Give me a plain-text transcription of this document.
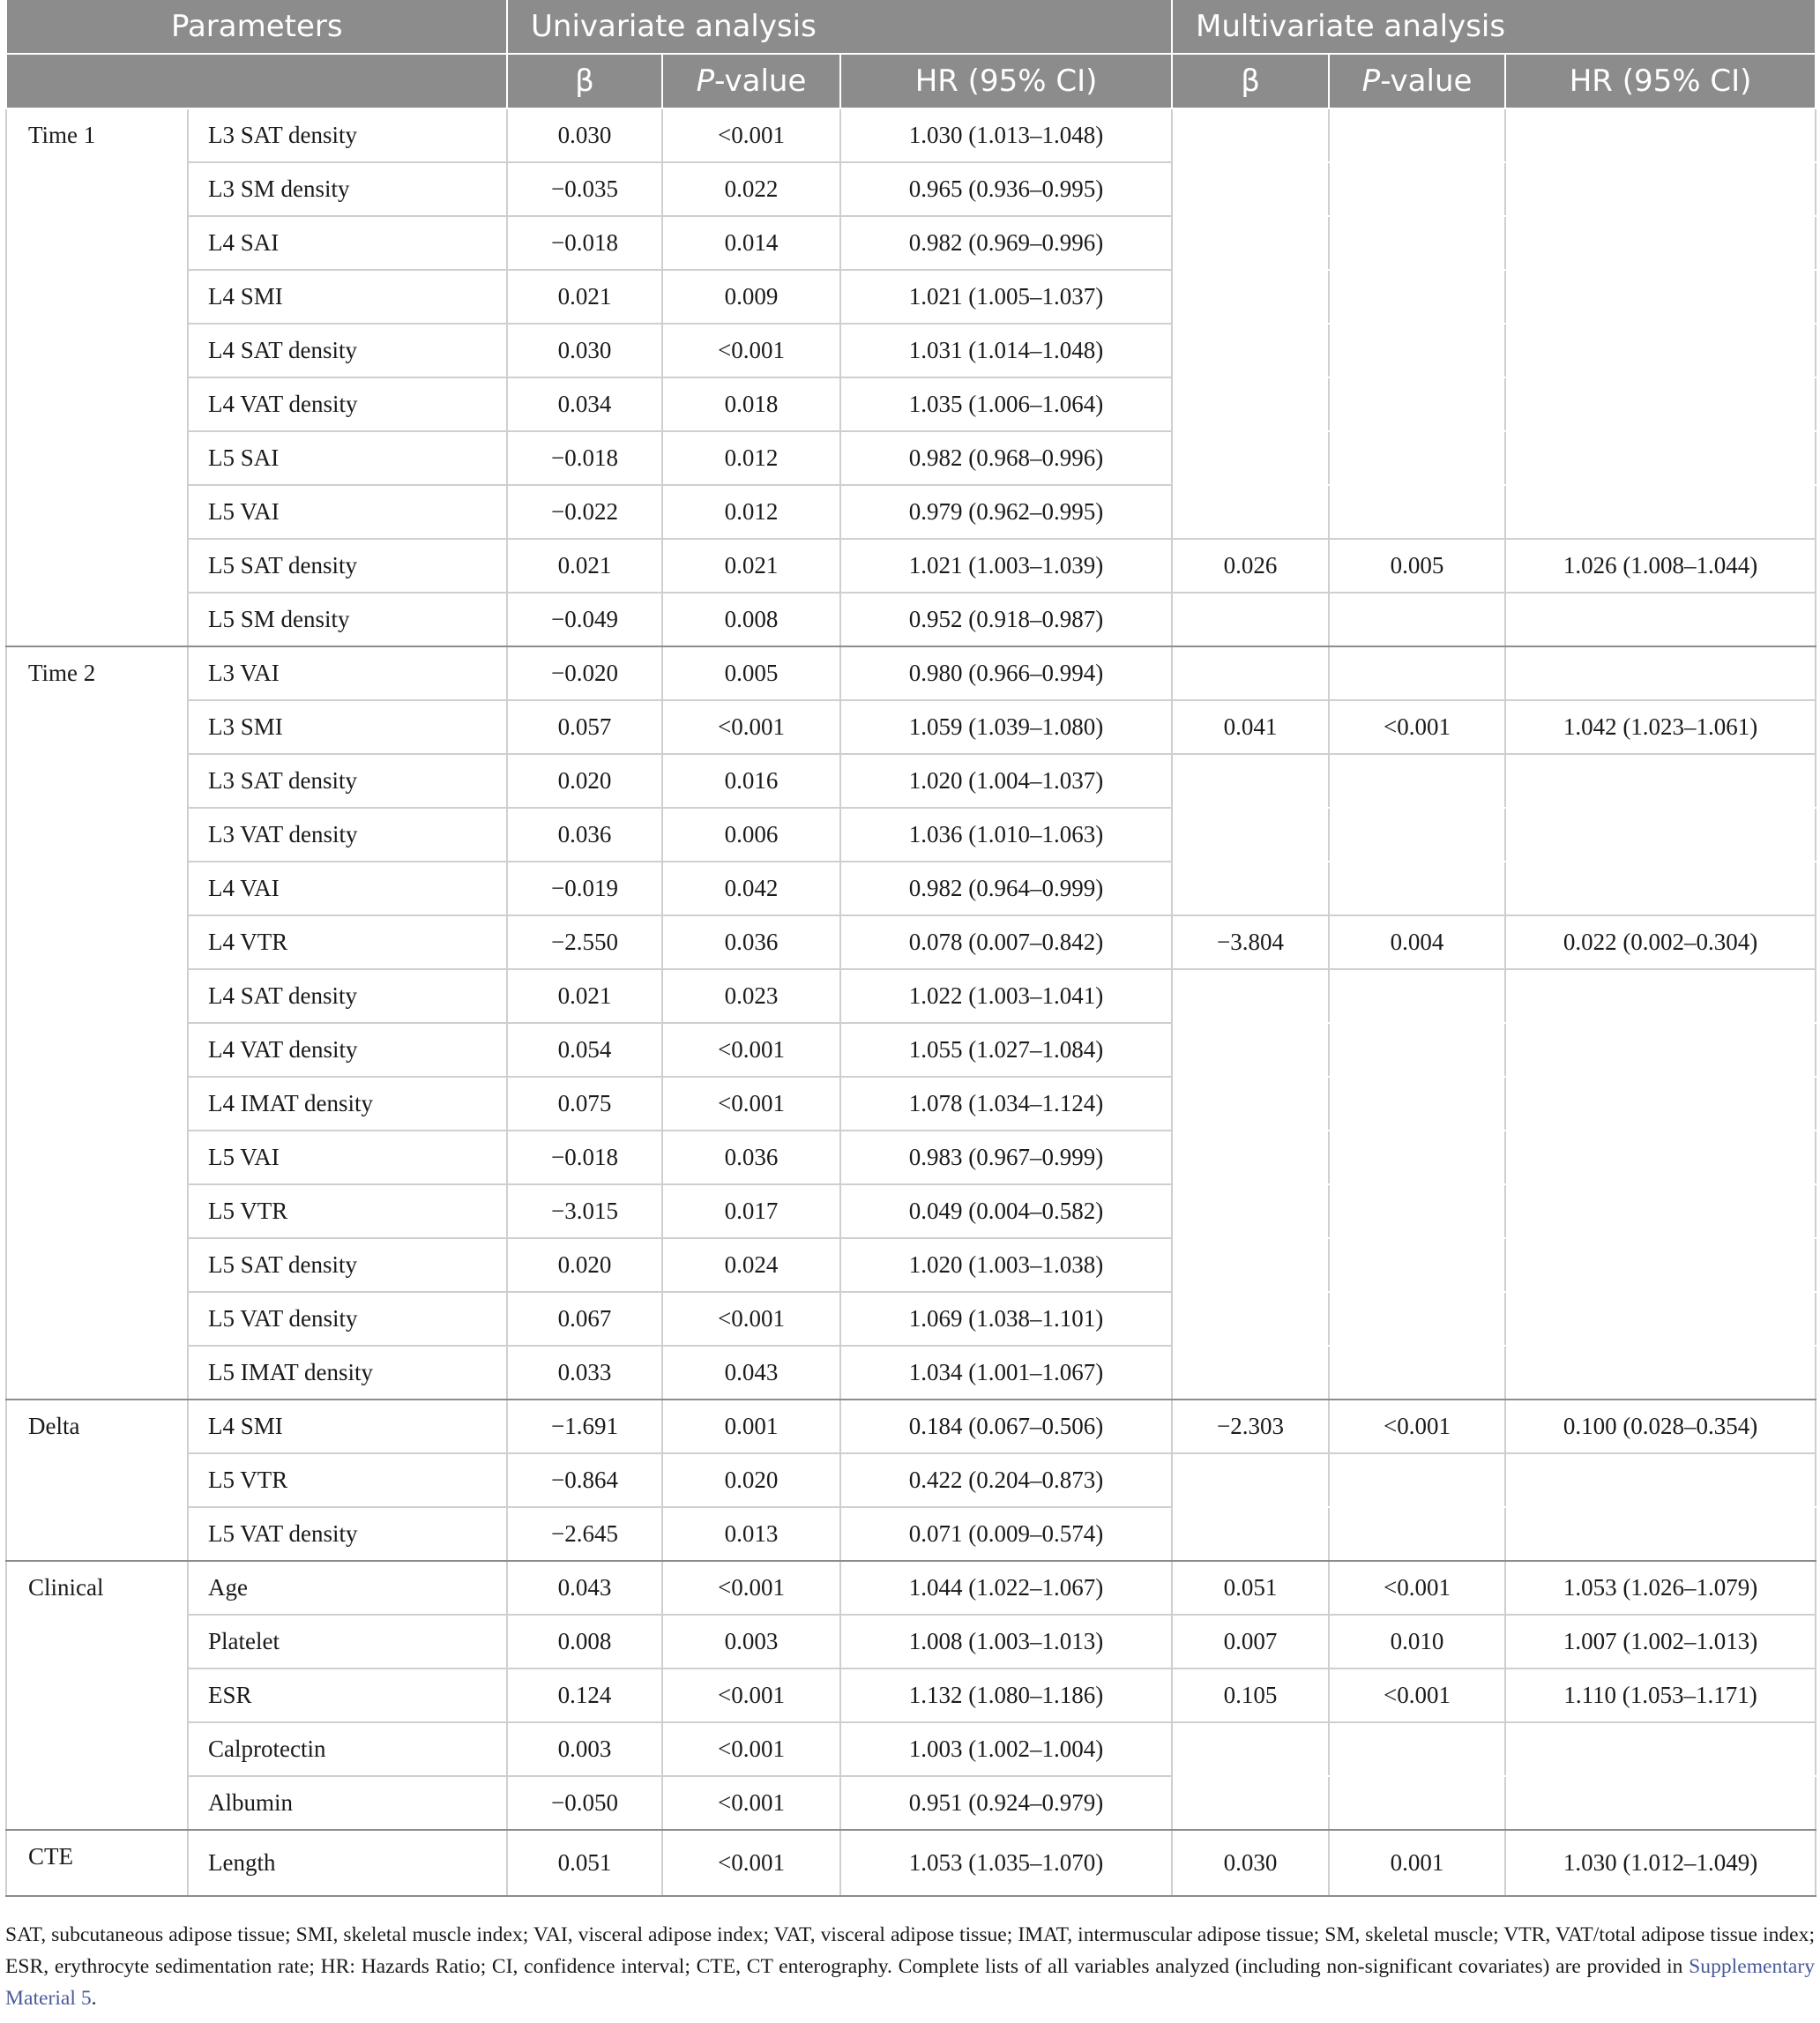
Parameters		Univariate analysis			Multivariate analysis		
		β	P-value	HR (95% CI)	β	P-value	HR (95% CI)
Time 1	L3 SAT density	0.030	<0.001	1.030 (1.013–1.048)			
	L3 SM density	−0.035	0.022	0.965 (0.936–0.995)			
	L4 SAI	−0.018	0.014	0.982 (0.969–0.996)			
	L4 SMI	0.021	0.009	1.021 (1.005–1.037)			
	L4 SAT density	0.030	<0.001	1.031 (1.014–1.048)			
	L4 VAT density	0.034	0.018	1.035 (1.006–1.064)			
	L5 SAI	−0.018	0.012	0.982 (0.968–0.996)			
	L5 VAI	−0.022	0.012	0.979 (0.962–0.995)			
	L5 SAT density	0.021	0.021	1.021 (1.003–1.039)	0.026	0.005	1.026 (1.008–1.044)
	L5 SM density	−0.049	0.008	0.952 (0.918–0.987)			
Time 2	L3 VAI	−0.020	0.005	0.980 (0.966–0.994)			
	L3 SMI	0.057	<0.001	1.059 (1.039–1.080)	0.041	<0.001	1.042 (1.023–1.061)
	L3 SAT density	0.020	0.016	1.020 (1.004–1.037)			
	L3 VAT density	0.036	0.006	1.036 (1.010–1.063)			
	L4 VAI	−0.019	0.042	0.982 (0.964–0.999)			
	L4 VTR	−2.550	0.036	0.078 (0.007–0.842)	−3.804	0.004	0.022 (0.002–0.304)
	L4 SAT density	0.021	0.023	1.022 (1.003–1.041)			
	L4 VAT density	0.054	<0.001	1.055 (1.027–1.084)			
	L4 IMAT density	0.075	<0.001	1.078 (1.034–1.124)			
	L5 VAI	−0.018	0.036	0.983 (0.967–0.999)			
	L5 VTR	−3.015	0.017	0.049 (0.004–0.582)			
	L5 SAT density	0.020	0.024	1.020 (1.003–1.038)			
	L5 VAT density	0.067	<0.001	1.069 (1.038–1.101)			
	L5 IMAT density	0.033	0.043	1.034 (1.001–1.067)			
Delta	L4 SMI	−1.691	0.001	0.184 (0.067–0.506)	−2.303	<0.001	0.100 (0.028–0.354)
	L5 VTR	−0.864	0.020	0.422 (0.204–0.873)			
	L5 VAT density	−2.645	0.013	0.071 (0.009–0.574)			
Clinical	Age	0.043	<0.001	1.044 (1.022–1.067)	0.051	<0.001	1.053 (1.026–1.079)
	Platelet	0.008	0.003	1.008 (1.003–1.013)	0.007	0.010	1.007 (1.002–1.013)
	ESR	0.124	<0.001	1.132 (1.080–1.186)	0.105	<0.001	1.110 (1.053–1.171)
	Calprotectin	0.003	<0.001	1.003 (1.002–1.004)			
	Albumin	−0.050	<0.001	0.951 (0.924–0.979)			
CTE	Length	0.051	<0.001	1.053 (1.035–1.070)	0.030	0.001	1.030 (1.012–1.049)
SAT, subcutaneous adipose tissue; SMI, skeletal muscle index; VAI, visceral adipose index; VAT, visceral adipose tissue; IMAT, intermuscular adipose tissue; SM, skeletal muscle; VTR, VAT/total adipose tissue index; ESR, erythrocyte sedimentation rate; HR: Hazards Ratio; CI, confidence interval; CTE, CT enterography. Complete lists of all variables analyzed (including non-significant covariates) are provided in Supplementary Material 5.
